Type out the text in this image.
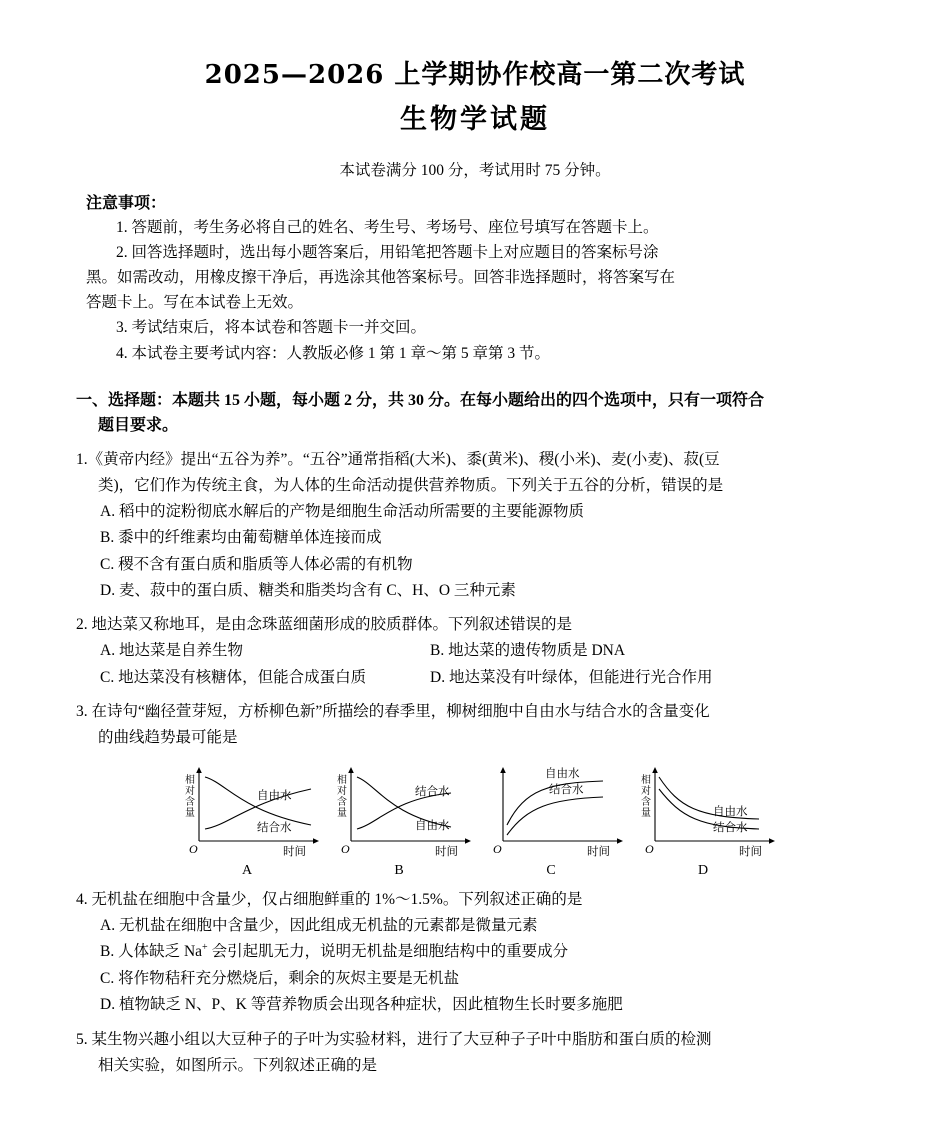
2025—2026 上学期协作校高一第二次考试
生物学试题
本试卷满分 100 分，考试用时 75 分钟。
注意事项：
1. 答题前，考生务必将自己的姓名、考生号、考场号、座位号填写在答题卡上。
2. 回答选择题时，选出每小题答案后，用铅笔把答题卡上对应题目的答案标号涂
黑。如需改动，用橡皮擦干净后，再选涂其他答案标号。回答非选择题时，将答案写在
答题卡上。写在本试卷上无效。
3. 考试结束后，将本试卷和答题卡一并交回。
4. 本试卷主要考试内容：人教版必修 1 第 1 章～第 5 章第 3 节。
一、选择题：本题共 15 小题，每小题 2 分，共 30 分。在每小题给出的四个选项中，只有一项符合
题目要求。
1.《黄帝内经》提出“五谷为养”。“五谷”通常指稻(大米)、黍(黄米)、稷(小米)、麦(小麦)、菽(豆
类)，它们作为传统主食，为人体的生命活动提供营养物质。下列关于五谷的分析，错误的是
A. 稻中的淀粉彻底水解后的产物是细胞生命活动所需要的主要能源物质
B. 黍中的纤维素均由葡萄糖单体连接而成
C. 稷不含有蛋白质和脂质等人体必需的有机物
D. 麦、菽中的蛋白质、糖类和脂类均含有 C、H、O 三种元素
2. 地达菜又称地耳，是由念珠蓝细菌形成的胶质群体。下列叙述错误的是
A. 地达菜是自养生物	B. 地达菜的遗传物质是 DNA
C. 地达菜没有核糖体，但能合成蛋白质	D. 地达菜没有叶绿体，但能进行光合作用
3. 在诗句“幽径萱芽短，方桥柳色新”所描绘的春季里，柳树细胞中自由水与结合水的含量变化
的曲线趋势最可能是
自由水
结合水
O	时间
相对含量
A
结合水
自由水
O	时间
相对含量
B
自由水
结合水
O	时间
C
自由水
结合水
O	时间
相对含量
D
4. 无机盐在细胞中含量少，仅占细胞鲜重的 1%～1.5%。下列叙述正确的是
A. 无机盐在细胞中含量少，因此组成无机盐的元素都是微量元素
B. 人体缺乏 Na+ 会引起肌无力，说明无机盐是细胞结构中的重要成分
C. 将作物秸秆充分燃烧后，剩余的灰烬主要是无机盐
D. 植物缺乏 N、P、K 等营养物质会出现各种症状，因此植物生长时要多施肥
5. 某生物兴趣小组以大豆种子的子叶为实验材料，进行了大豆种子子叶中脂肪和蛋白质的检测
相关实验，如图所示。下列叙述正确的是
